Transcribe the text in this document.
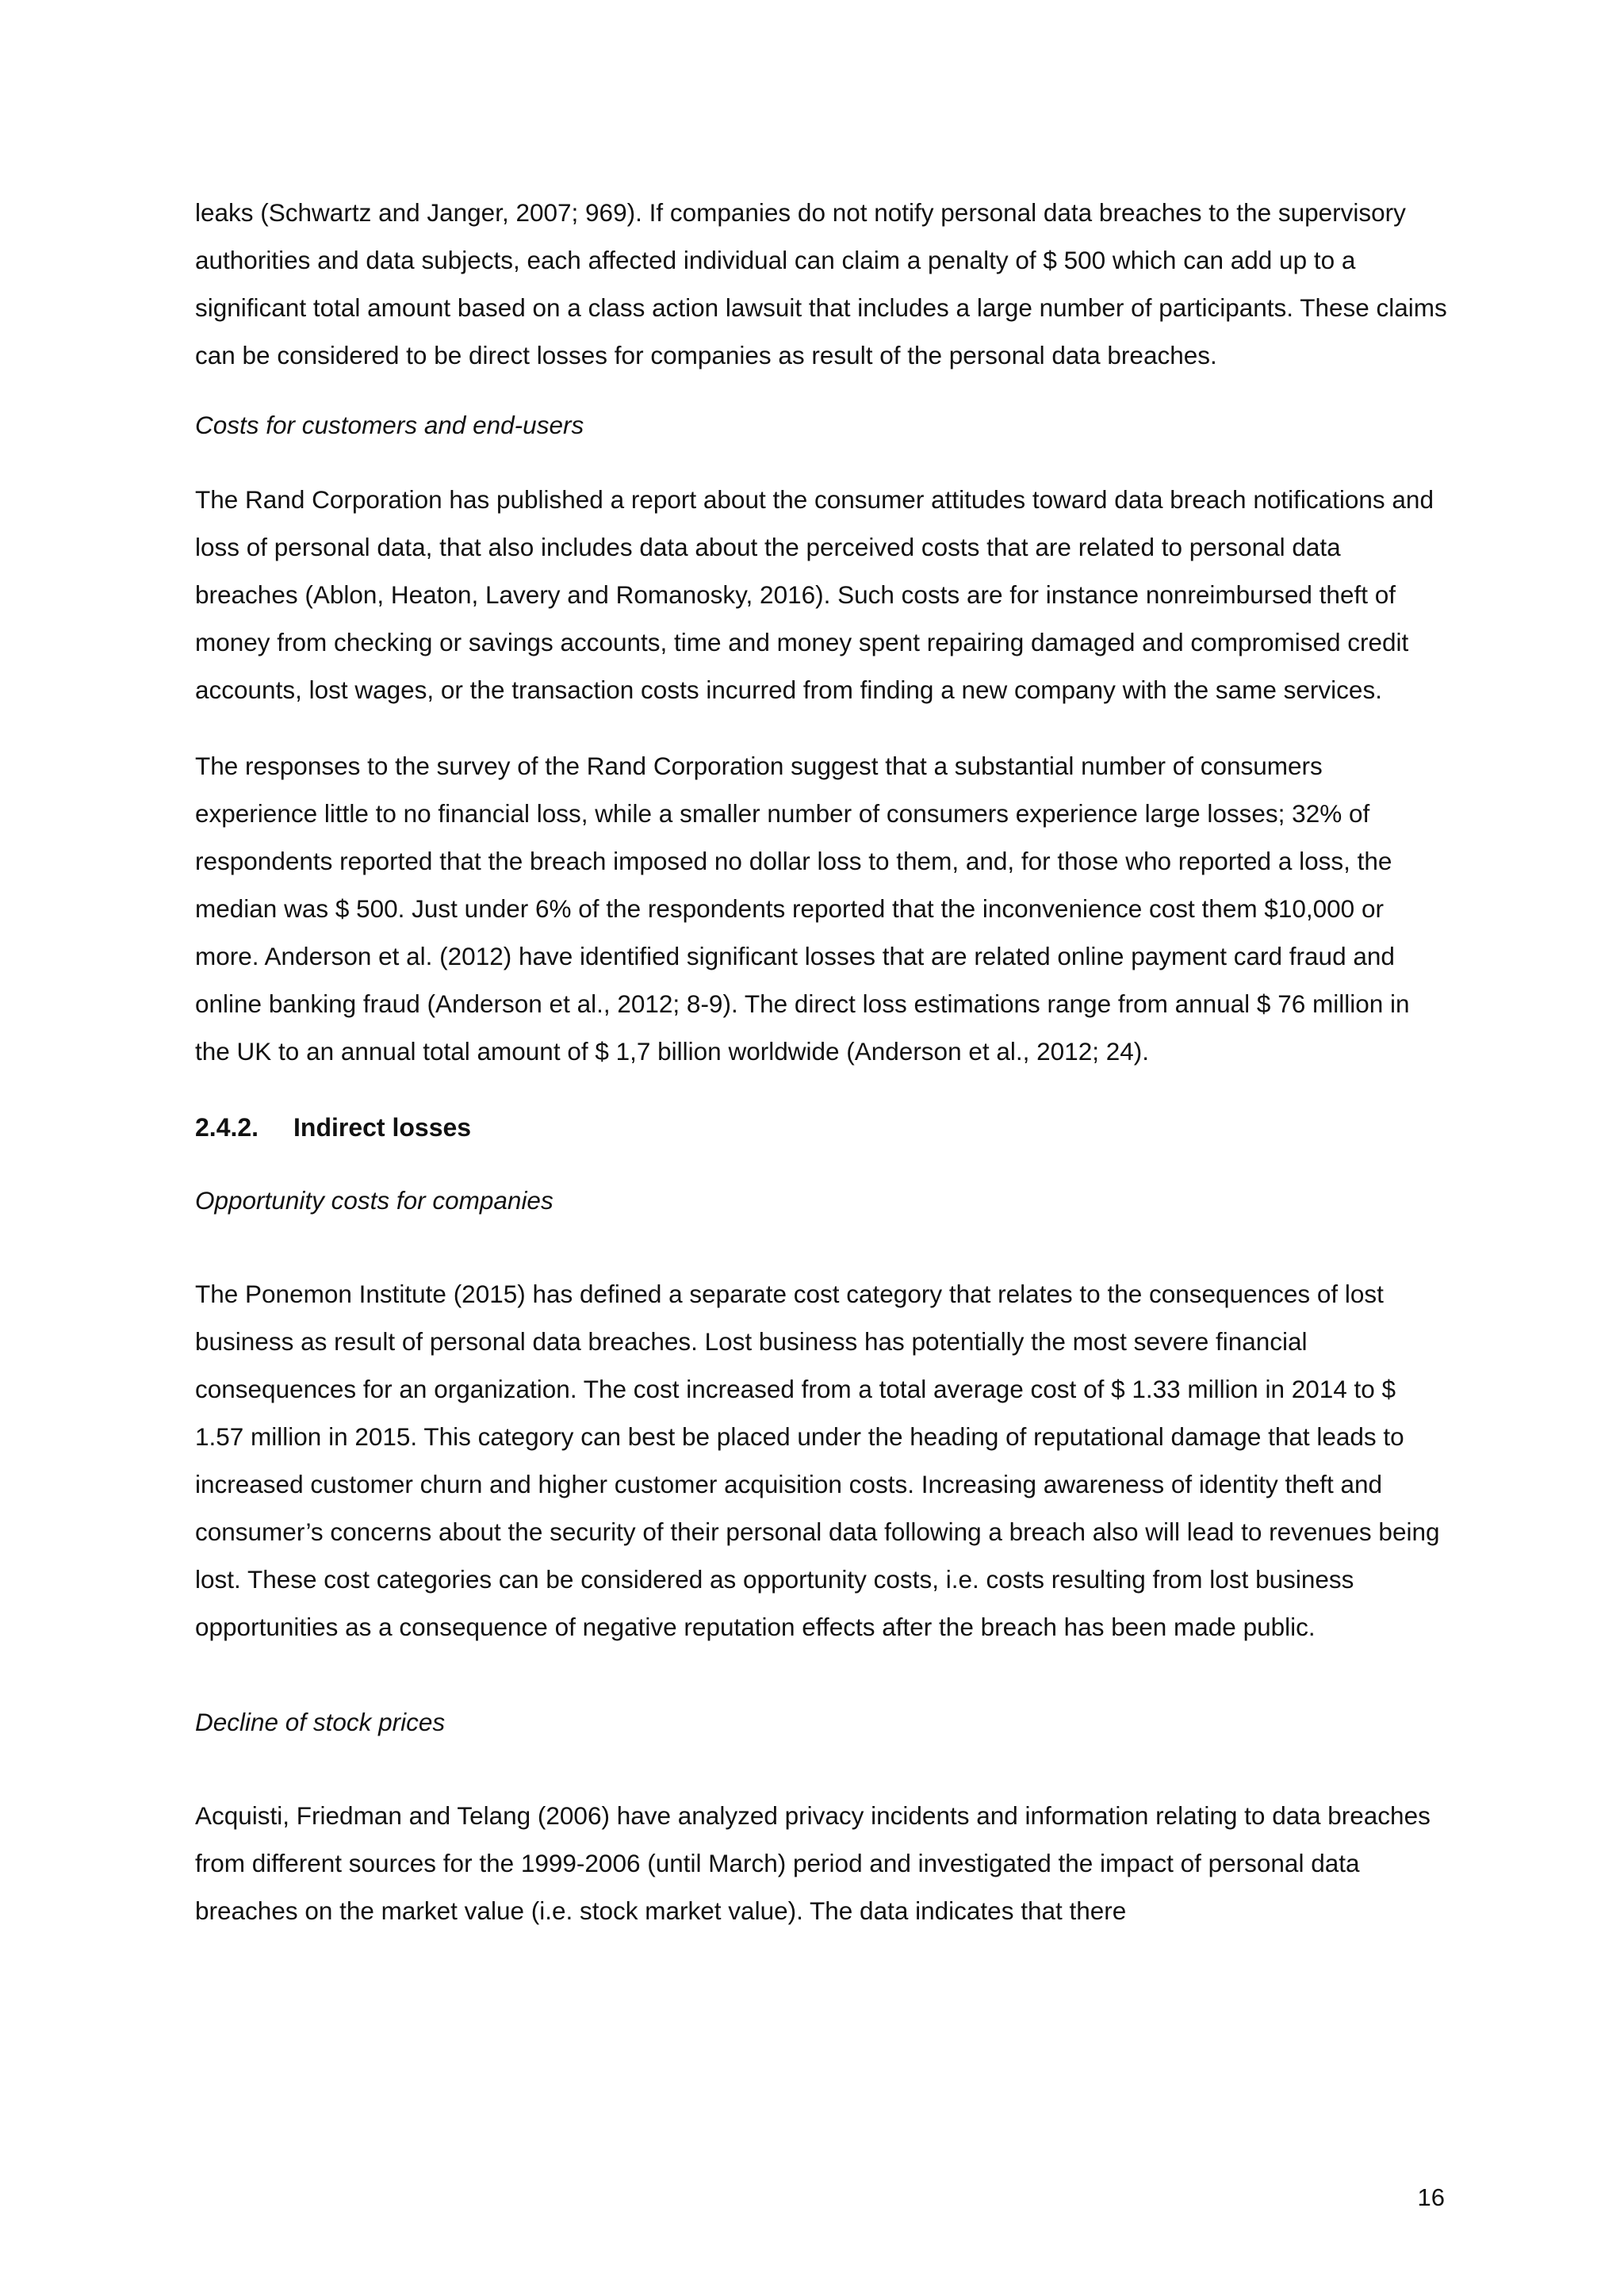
leaks (Schwartz and Janger, 2007; 969). If companies do not notify personal data breaches to the supervisory authorities and data subjects, each affected individual can claim a penalty of $ 500 which can add up to a significant total amount based on a class action lawsuit that includes a large number of participants. These claims can be considered to be direct losses for companies as result of the personal data breaches.

Costs for customers and end-users

The Rand Corporation has published a report about the consumer attitudes toward data breach notifications and loss of personal data, that also includes data about the perceived costs that are related to personal data breaches (Ablon, Heaton, Lavery and Romanosky, 2016). Such costs are for instance nonreimbursed theft of money from checking or savings accounts, time and money spent repairing damaged and compromised credit accounts, lost wages, or the transaction costs incurred from finding a new company with the same services.

The responses to the survey of the Rand Corporation suggest that a substantial number of consumers experience little to no financial loss, while a smaller number of consumers experience large losses; 32% of respondents reported that the breach imposed no dollar loss to them, and, for those who reported a loss, the median was $ 500. Just under 6% of the respondents reported that the inconvenience cost them $10,000 or more. Anderson et al. (2012) have identified significant losses that are related online payment card fraud and online banking fraud (Anderson et al., 2012; 8-9). The direct loss estimations range from annual $ 76 million in the UK to an annual total amount of $ 1,7 billion worldwide (Anderson et al., 2012; 24).

2.4.2.	Indirect losses

Opportunity costs for companies

The Ponemon Institute (2015) has defined a separate cost category that relates to the consequences of lost business as result of personal data breaches. Lost business has potentially the most severe financial consequences for an organization. The cost increased from a total average cost of $ 1.33 million in 2014 to $ 1.57 million in 2015. This category can best be placed under the heading of reputational damage that leads to increased customer churn and higher customer acquisition costs. Increasing awareness of identity theft and consumer’s concerns about the security of their personal data following a breach also will lead to revenues being lost. These cost categories can be considered as opportunity costs, i.e. costs resulting from lost business opportunities as a consequence of negative reputation effects after the breach has been made public.

Decline of stock prices

Acquisti, Friedman and Telang (2006) have analyzed privacy incidents and information relating to data breaches from different sources for the 1999-2006 (until March) period and investigated the impact of personal data breaches on the market value (i.e. stock market value). The data indicates that there

16
